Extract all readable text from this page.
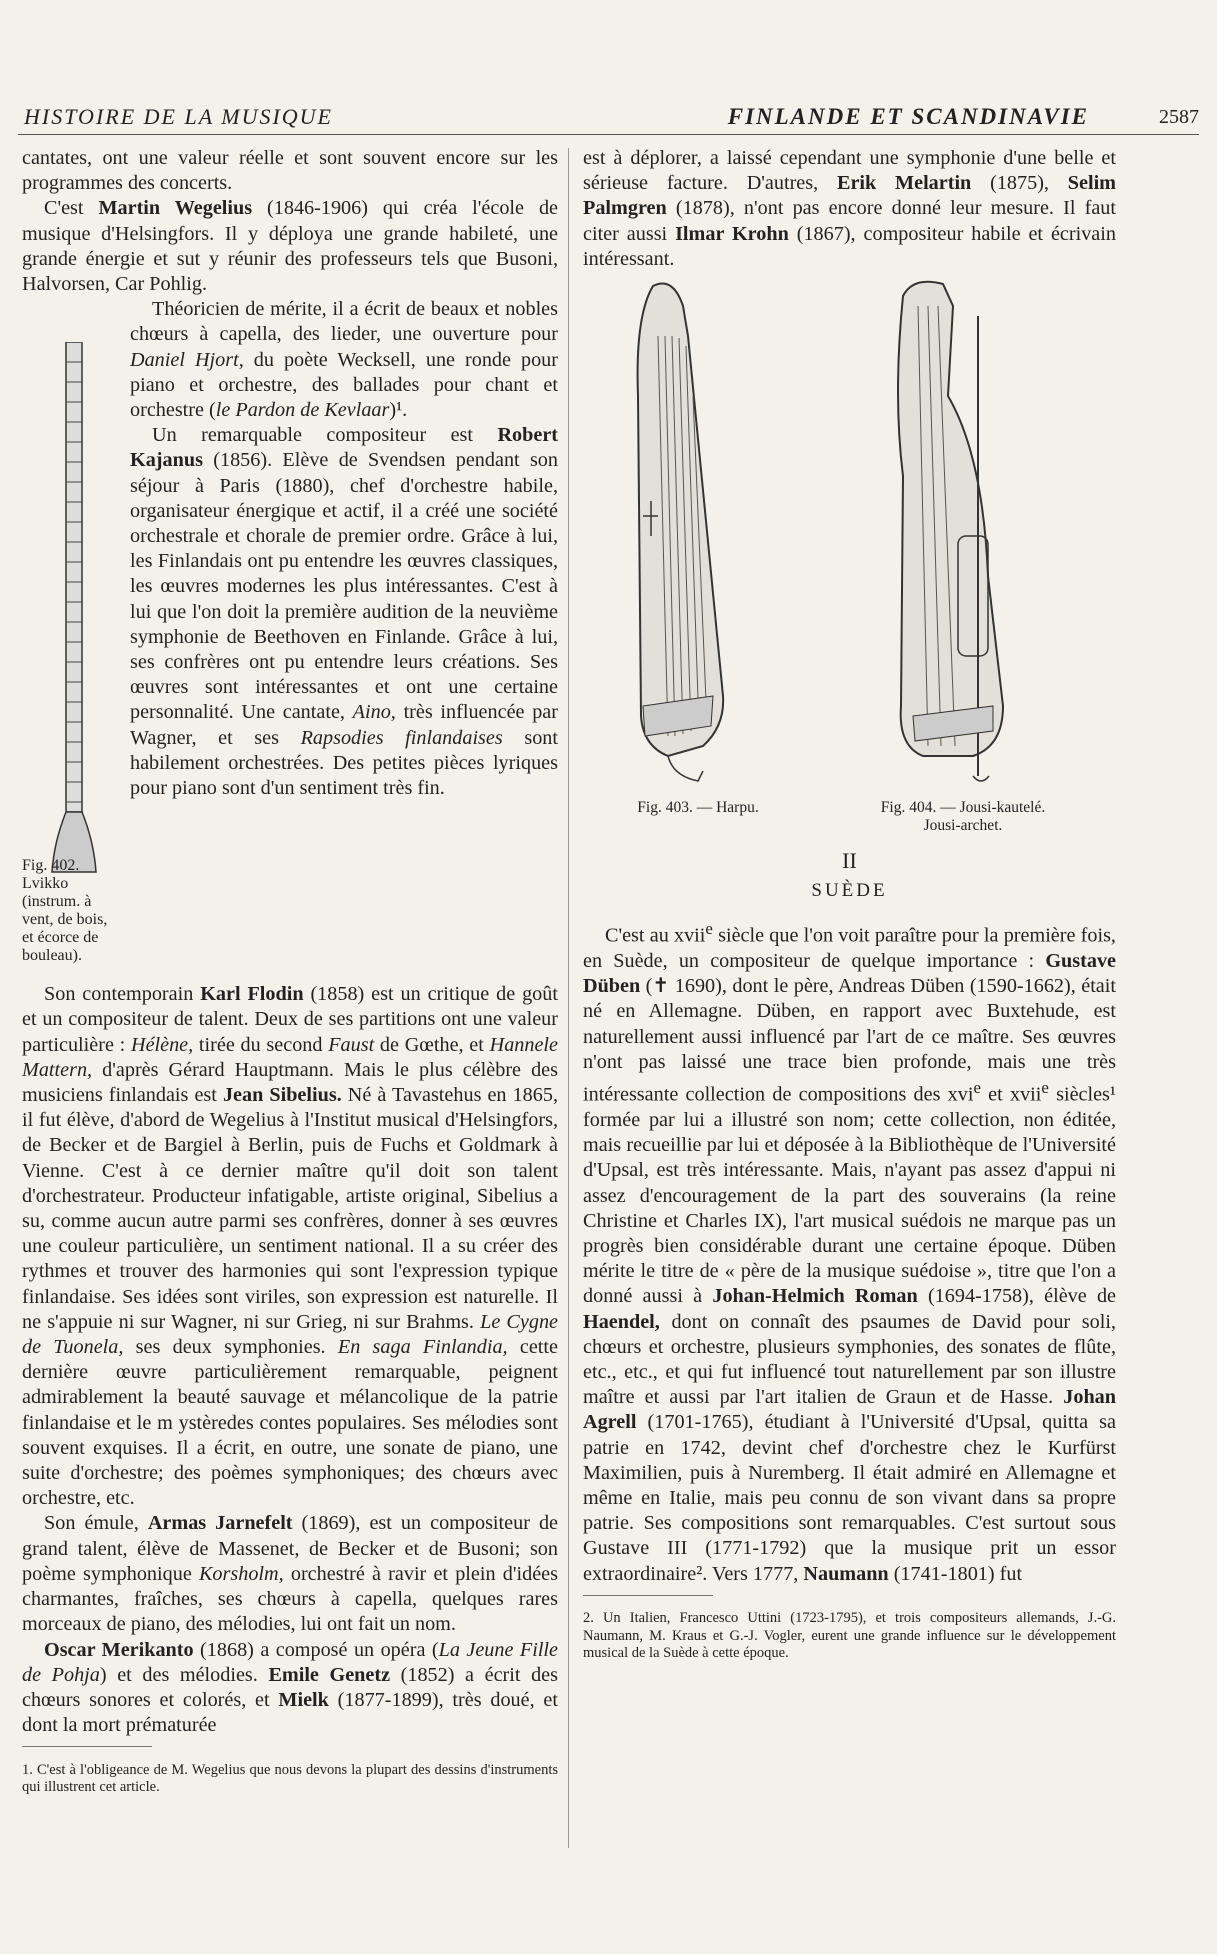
HISTOIRE DE LA MUSIQUE	FINLANDE ET SCANDINAVIE	2587

cantates, ont une valeur réelle et sont souvent encore sur les programmes des concerts.

C'est Martin Wegelius (1846-1906) qui créa l'école de musique d'Helsingfors. Il y déploya une grande habileté, une grande énergie et sut y réunir des professeurs tels que Busoni, Halvorsen, Car Pohlig.

Fig. 402.
Lvikko
(instrum. à vent, de bois, et écorce de bouleau).

Théoricien de mérite, il a écrit de beaux et nobles chœurs à capella, des lieder, une ouverture pour Daniel Hjort, du poète Wecksell, une ronde pour piano et orchestre, des ballades pour chant et orchestre (le Pardon de Kevlaar)¹.

Un remarquable compositeur est Robert Kajanus (1856). Elève de Svendsen pendant son séjour à Paris (1880), chef d'orchestre habile, organisateur énergique et actif, il a créé une société orchestrale et chorale de premier ordre. Grâce à lui, les Finlandais ont pu entendre les œuvres classiques, les œuvres modernes les plus intéressantes. C'est à lui que l'on doit la première audition de la neuvième symphonie de Beethoven en Finlande. Grâce à lui, ses confrères ont pu entendre leurs créations. Ses œuvres sont intéressantes et ont une certaine personnalité. Une cantate, Aino, très influencée par Wagner, et ses Rapsodies finlandaises sont habilement orchestrées. Des petites pièces lyriques pour piano sont d'un sentiment très fin.

Son contemporain Karl Flodin (1858) est un critique de goût et un compositeur de talent. Deux de ses partitions ont une valeur particulière : Hélène, tirée du second Faust de Gœthe, et Hannele Mattern, d'après Gérard Hauptmann. Mais le plus célèbre des musiciens finlandais est Jean Sibelius. Né à Tavastehus en 1865, il fut élève, d'abord de Wegelius à l'Institut musical d'Helsingfors, de Becker et de Bargiel à Berlin, puis de Fuchs et Goldmark à Vienne. C'est à ce dernier maître qu'il doit son talent d'orchestrateur. Producteur infatigable, artiste original, Sibelius a su, comme aucun autre parmi ses confrères, donner à ses œuvres une couleur particulière, un sentiment national. Il a su créer des rythmes et trouver des harmonies qui sont l'expression typique finlandaise. Ses idées sont viriles, son expression est naturelle. Il ne s'appuie ni sur Wagner, ni sur Grieg, ni sur Brahms. Le Cygne de Tuonela, ses deux symphonies. En saga Finlandia, cette dernière œuvre particulièrement remarquable, peignent admirablement la beauté sauvage et mélancolique de la patrie finlandaise et le m ystèredes contes populaires. Ses mélodies sont souvent exquises. Il a écrit, en outre, une sonate de piano, une suite d'orchestre; des poèmes symphoniques; des chœurs avec orchestre, etc.

Son émule, Armas Jarnefelt (1869), est un compositeur de grand talent, élève de Massenet, de Becker et de Busoni; son poème symphonique Korsholm, orchestré à ravir et plein d'idées charmantes, fraîches, ses chœurs à capella, quelques rares morceaux de piano, des mélodies, lui ont fait un nom.

Oscar Merikanto (1868) a composé un opéra (La Jeune Fille de Pohja) et des mélodies. Emile Genetz (1852) a écrit des chœurs sonores et colorés, et Mielk (1877-1899), très doué, et dont la mort prématurée

1. C'est à l'obligeance de M. Wegelius que nous devons la plupart des dessins d'instruments qui illustrent cet article.

est à déplorer, a laissé cependant une symphonie d'une belle et sérieuse facture. D'autres, Erik Melartin (1875), Selim Palmgren (1878), n'ont pas encore donné leur mesure. Il faut citer aussi Ilmar Krohn (1867), compositeur habile et écrivain intéressant.

Fig. 403. — Harpu.	Fig. 404. — Jousi-kautelé.
Jousi-archet.
II
SUÈDE

C'est au xvii$^e$ siècle que l'on voit paraître pour la première fois, en Suède, un compositeur de quelque importance : Gustave Düben (✝ 1690), dont le père, Andreas Düben (1590-1662), était né en Allemagne. Düben, en rapport avec Buxtehude, est naturellement aussi influencé par l'art de ce maître. Ses œuvres n'ont pas laissé une trace bien profonde, mais une très intéressante collection de compositions des xvi$^e$ et xvii$^e$ siècles¹ formée par lui a illustré son nom; cette collection, non éditée, mais recueillie par lui et déposée à la Bibliothèque de l'Université d'Upsal, est très intéressante. Mais, n'ayant pas assez d'appui ni assez d'encouragement de la part des souverains (la reine Christine et Charles IX), l'art musical suédois ne marque pas un progrès bien considérable durant une certaine époque. Düben mérite le titre de « père de la musique suédoise », titre que l'on a donné aussi à Johan-Helmich Roman (1694-1758), élève de Haendel, dont on connaît des psaumes de David pour soli, chœurs et orchestre, plusieurs symphonies, des sonates de flûte, etc., etc., et qui fut influencé tout naturellement par son illustre maître et aussi par l'art italien de Graun et de Hasse. Johan Agrell (1701-1765), étudiant à l'Université d'Upsal, quitta sa patrie en 1742, devint chef d'orchestre chez le Kurfürst Maximilien, puis à Nuremberg. Il était admiré en Allemagne et même en Italie, mais peu connu de son vivant dans sa propre patrie. Ses compositions sont remarquables. C'est surtout sous Gustave III (1771-1792) que la musique prit un essor extraordinaire². Vers 1777, Naumann (1741-1801) fut

2. Un Italien, Francesco Uttini (1723-1795), et trois compositeurs allemands, J.-G. Naumann, M. Kraus et G.-J. Vogler, eurent une grande influence sur le développement musical de la Suède à cette époque.
